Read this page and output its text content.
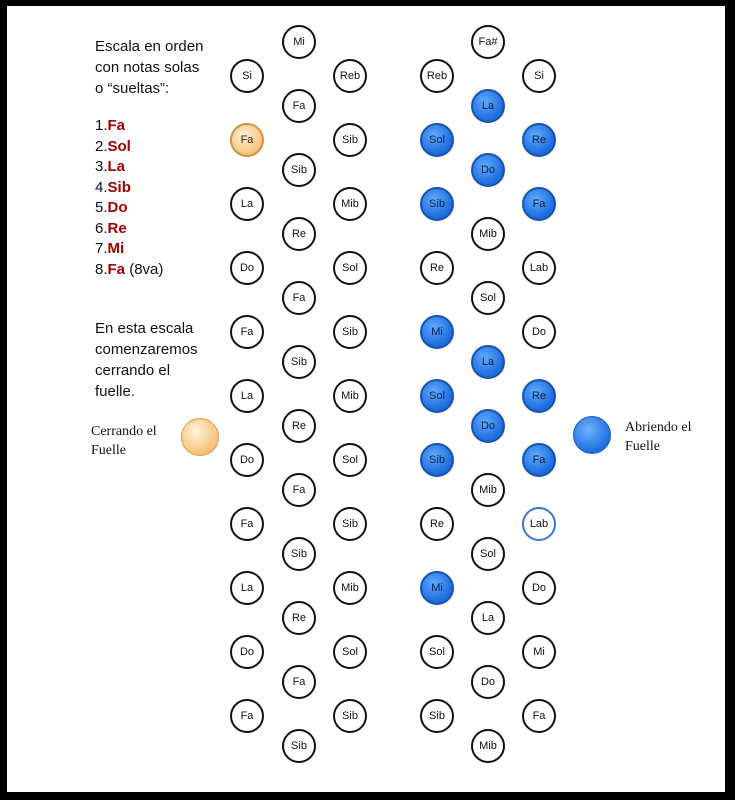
Escala en orden
con notas solas
o “sueltas”:
1.Fa
2.Sol
3.La
4.Sib
5.Do
6.Re
7.Mi
8.Fa (8va)
En esta escala
comenzaremos
cerrando el
fuelle.
Cerrando el
Fuelle
Abriendo el
Fuelle
Si
Fa
La
Do
Fa
La
Do
Fa
La
Do
Fa
Mi
Fa
Sib
Re
Fa
Sib
Re
Fa
Sib
Re
Fa
Sib
Reb
Sib
Mib
Sol
Sib
Mib
Sol
Sib
Mib
Sol
Sib
Reb
Sol
Sib
Re
Mi
Sol
Sib
Re
Mi
Sol
Sib
Fa#
La
Do
Mib
Sol
La
Do
Mib
Sol
La
Do
Mib
Si
Re
Fa
Lab
Do
Re
Fa
Lab
Do
Mi
Fa
